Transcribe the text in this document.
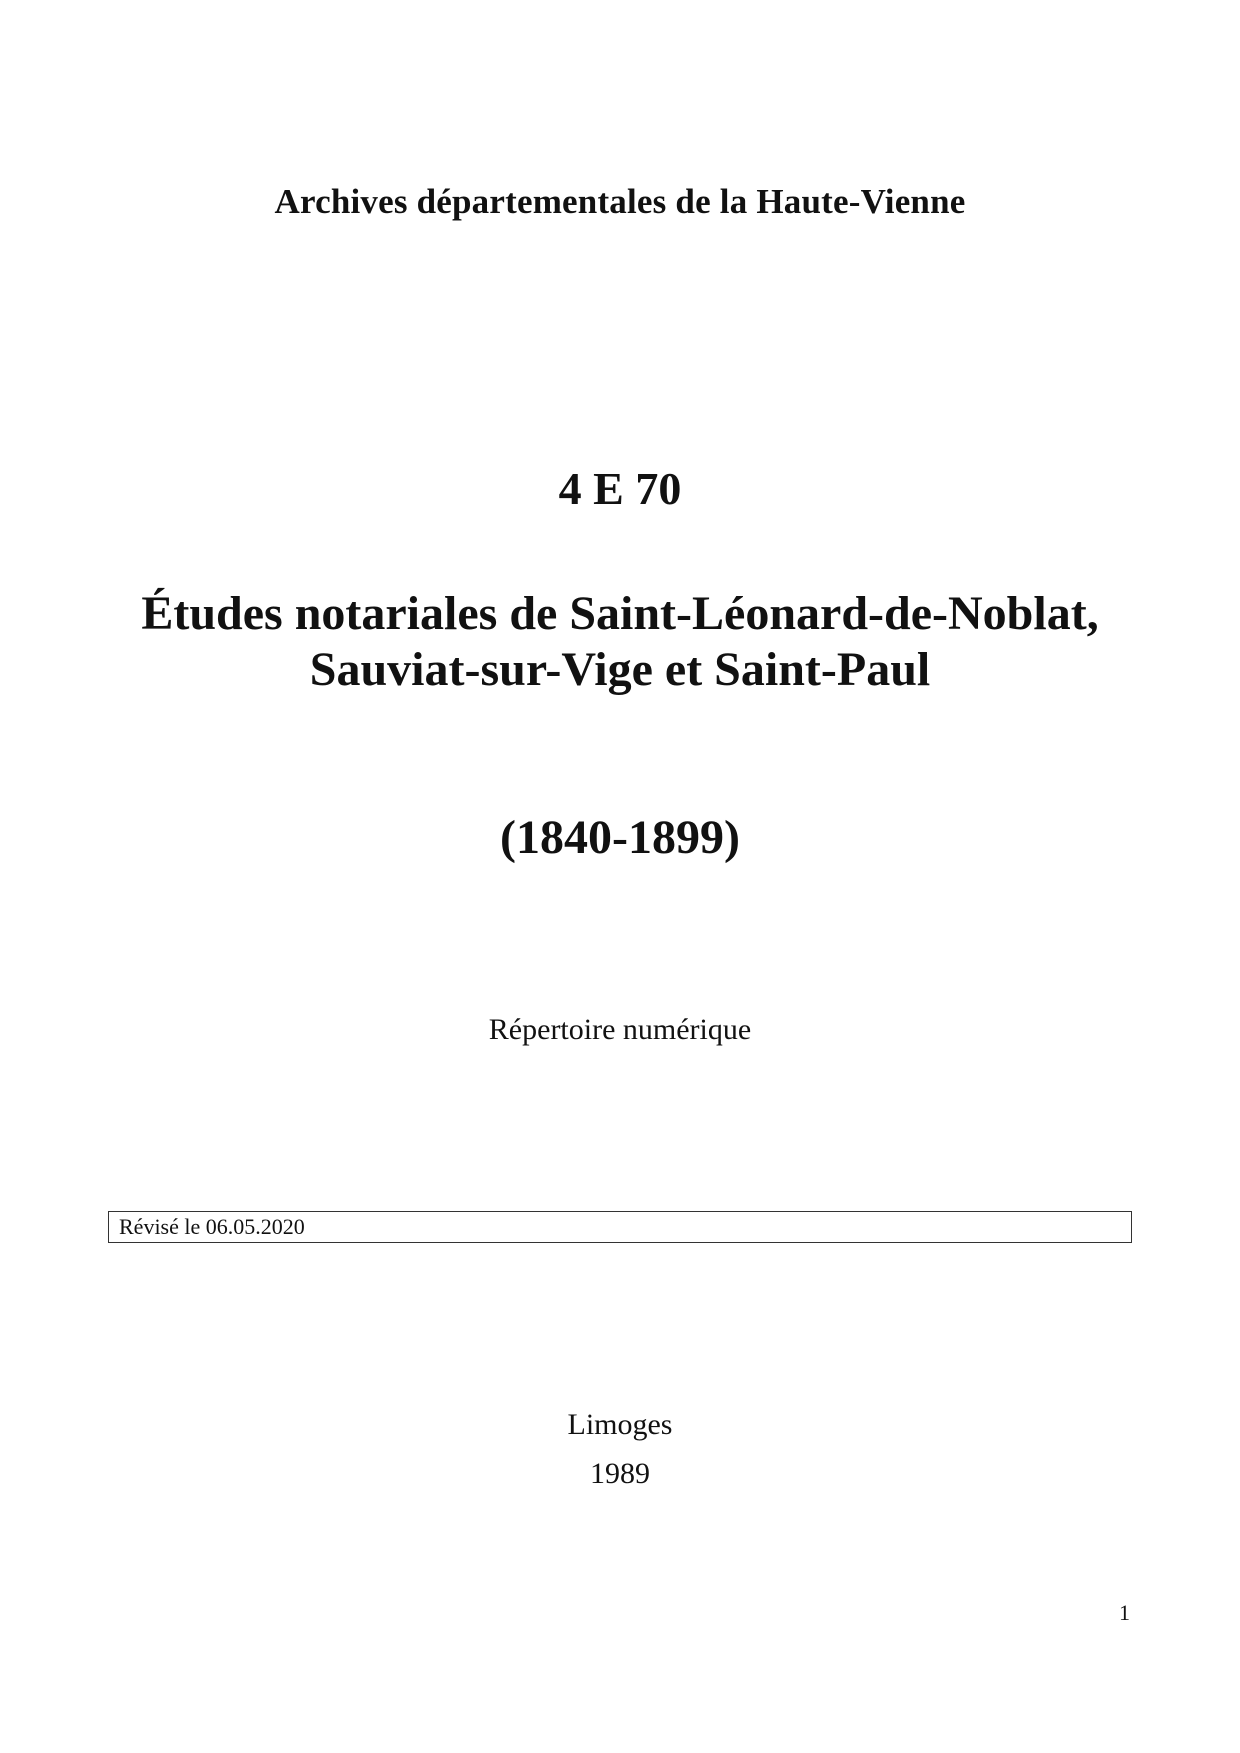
Archives départementales de la Haute-Vienne
4 E 70
Études notariales de Saint-Léonard-de-Noblat,
Sauviat-sur-Vige et Saint-Paul
(1840-1899)
Répertoire numérique
Révisé le 06.05.2020
Limoges
1989
1
